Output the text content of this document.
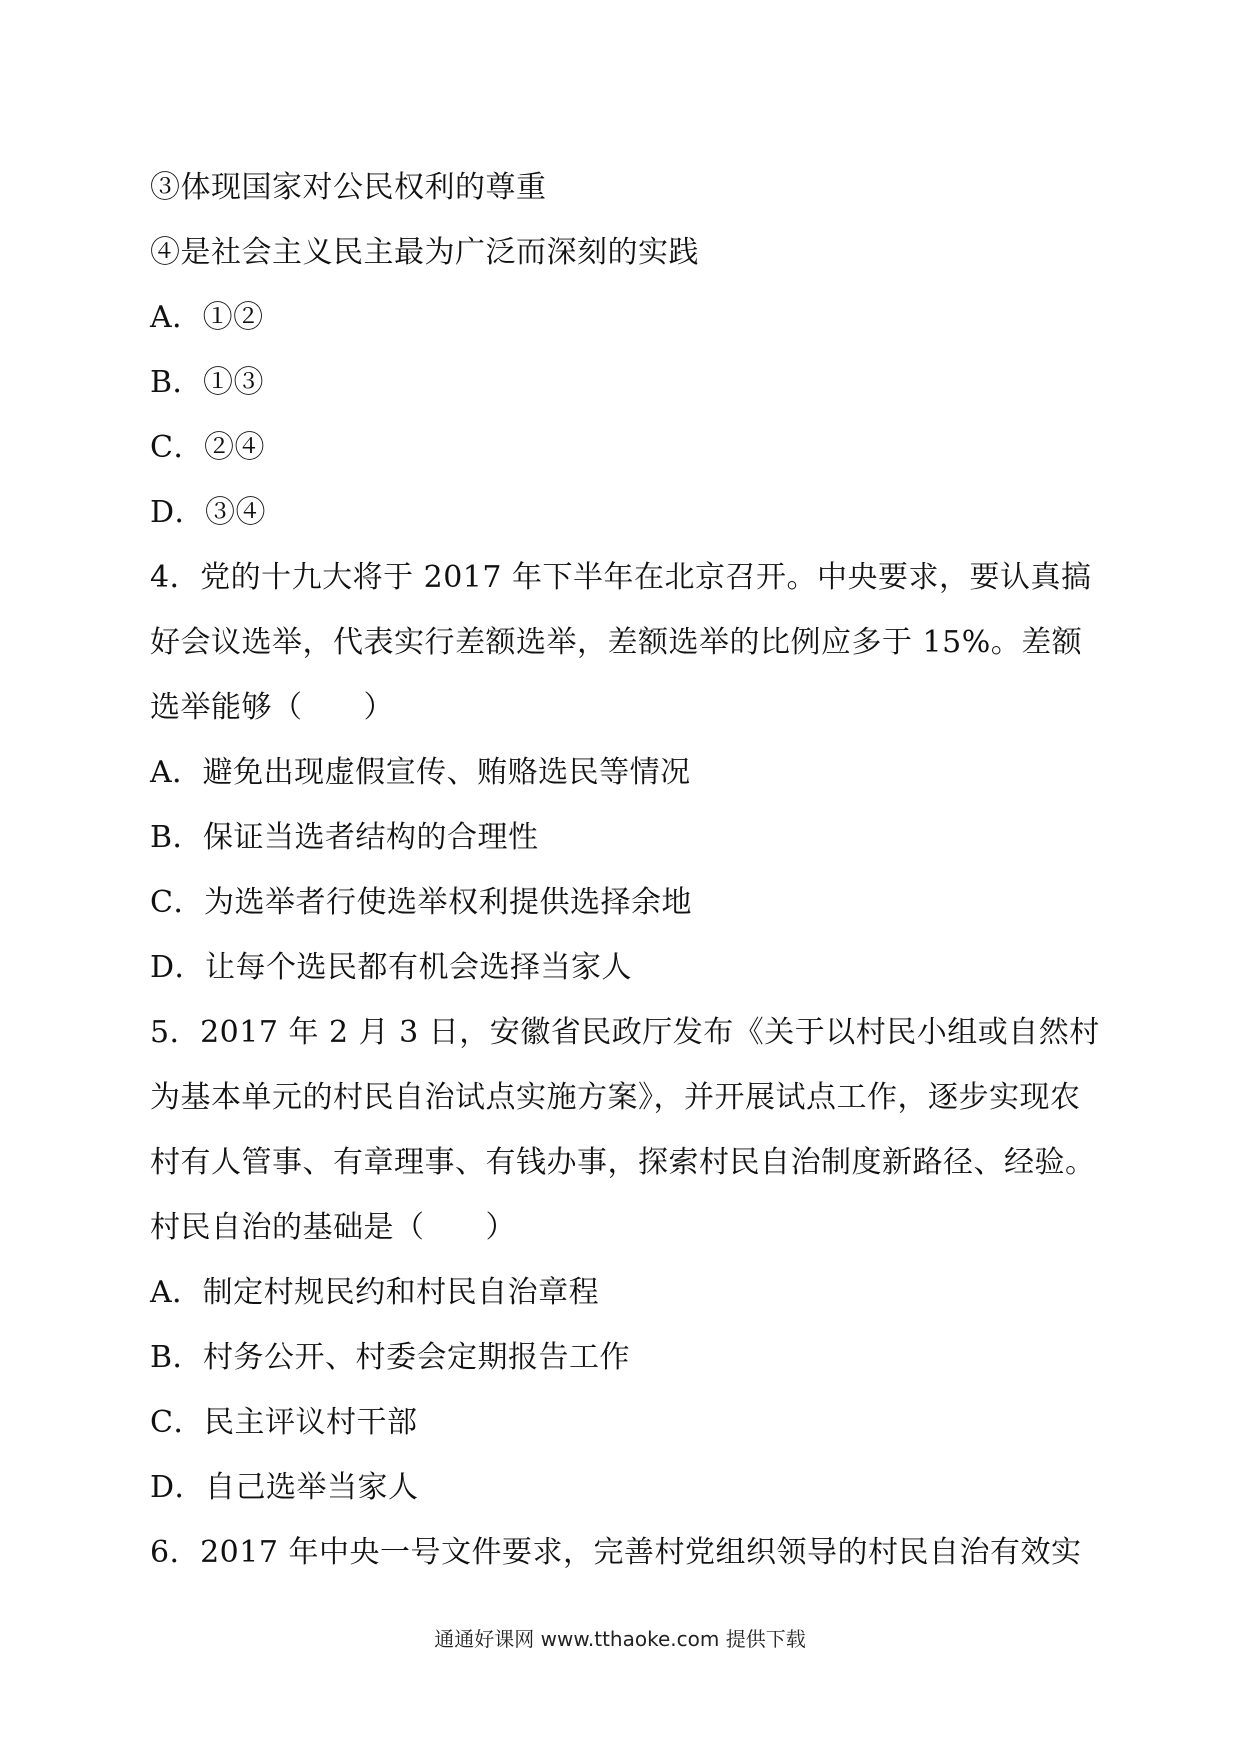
③体现国家对公民权利的尊重
④是社会主义民主最为广泛而深刻的实践
A．①②
B．①③
C．②④
D．③④
4．党的十九大将于 2017 年下半年在北京召开。中央要求，要认真搞
好会议选举，代表实行差额选举，差额选举的比例应多于 15%。差额
选举能够（　　）
A．避免出现虚假宣传、贿赂选民等情况
B．保证当选者结构的合理性
C．为选举者行使选举权利提供选择余地
D．让每个选民都有机会选择当家人
5．2017 年 2 月 3 日，安徽省民政厅发布《关于以村民小组或自然村
为基本单元的村民自治试点实施方案》，并开展试点工作，逐步实现农
村有人管事、有章理事、有钱办事，探索村民自治制度新路径、经验。
村民自治的基础是（　　）
A．制定村规民约和村民自治章程
B．村务公开、村委会定期报告工作
C．民主评议村干部
D．自己选举当家人
6．2017 年中央一号文件要求，完善村党组织领导的村民自治有效实
通通好课网 www.tthaoke.com 提供下载
